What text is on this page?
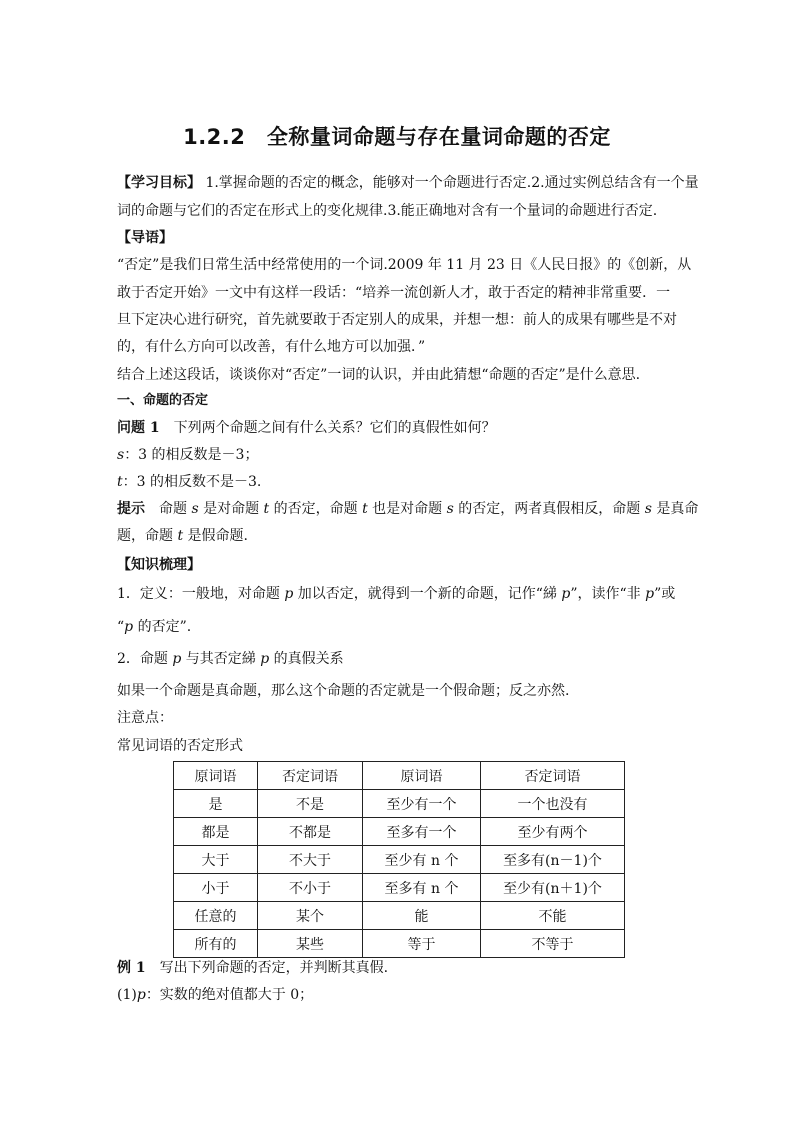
1.2.2　全称量词命题与存在量词命题的否定
【学习目标】 1.掌握命题的否定的概念，能够对一个命题进行否定.2.通过实例总结含有一个量
词的命题与它们的否定在形式上的变化规律.3.能正确地对含有一个量词的命题进行否定.
【导语】
“否定”是我们日常生活中经常使用的一个词.2009 年 11 月 23 日《人民日报》的《创新，从
敢于否定开始》一文中有这样一段话：“培养一流创新人才，敢于否定的精神非常重要．一
旦下定决心进行研究，首先就要敢于否定别人的成果，并想一想：前人的成果有哪些是不对
的，有什么方向可以改善，有什么地方可以加强．”
结合上述这段话，谈谈你对“否定”一词的认识，并由此猜想“命题的否定”是什么意思.
一、命题的否定
问题 1　下列两个命题之间有什么关系？它们的真假性如何？
s：3 的相反数是－3；
t：3 的相反数不是－3.
提示　命题 s 是对命题 t 的否定，命题 t 也是对命题 s 的否定，两者真假相反，命题 s 是真命
题，命题 t 是假命题.
【知识梳理】
1．定义：一般地，对命题 p 加以否定，就得到一个新的命题，记作“綈 p”，读作“非 p”或
“p 的否定”.
2．命题 p 与其否定綈 p 的真假关系
如果一个命题是真命题，那么这个命题的否定就是一个假命题；反之亦然.
注意点：
常见词语的否定形式
原词语	否定词语	原词语	否定词语
是	不是	至少有一个	一个也没有
都是	不都是	至多有一个	至少有两个
大于	不大于	至少有 n 个	至多有(n－1)个
小于	不小于	至多有 n 个	至少有(n＋1)个
任意的	某个	能	不能
所有的	某些	等于	不等于
例 1　写出下列命题的否定，并判断其真假.
(1)p：实数的绝对值都大于 0；
